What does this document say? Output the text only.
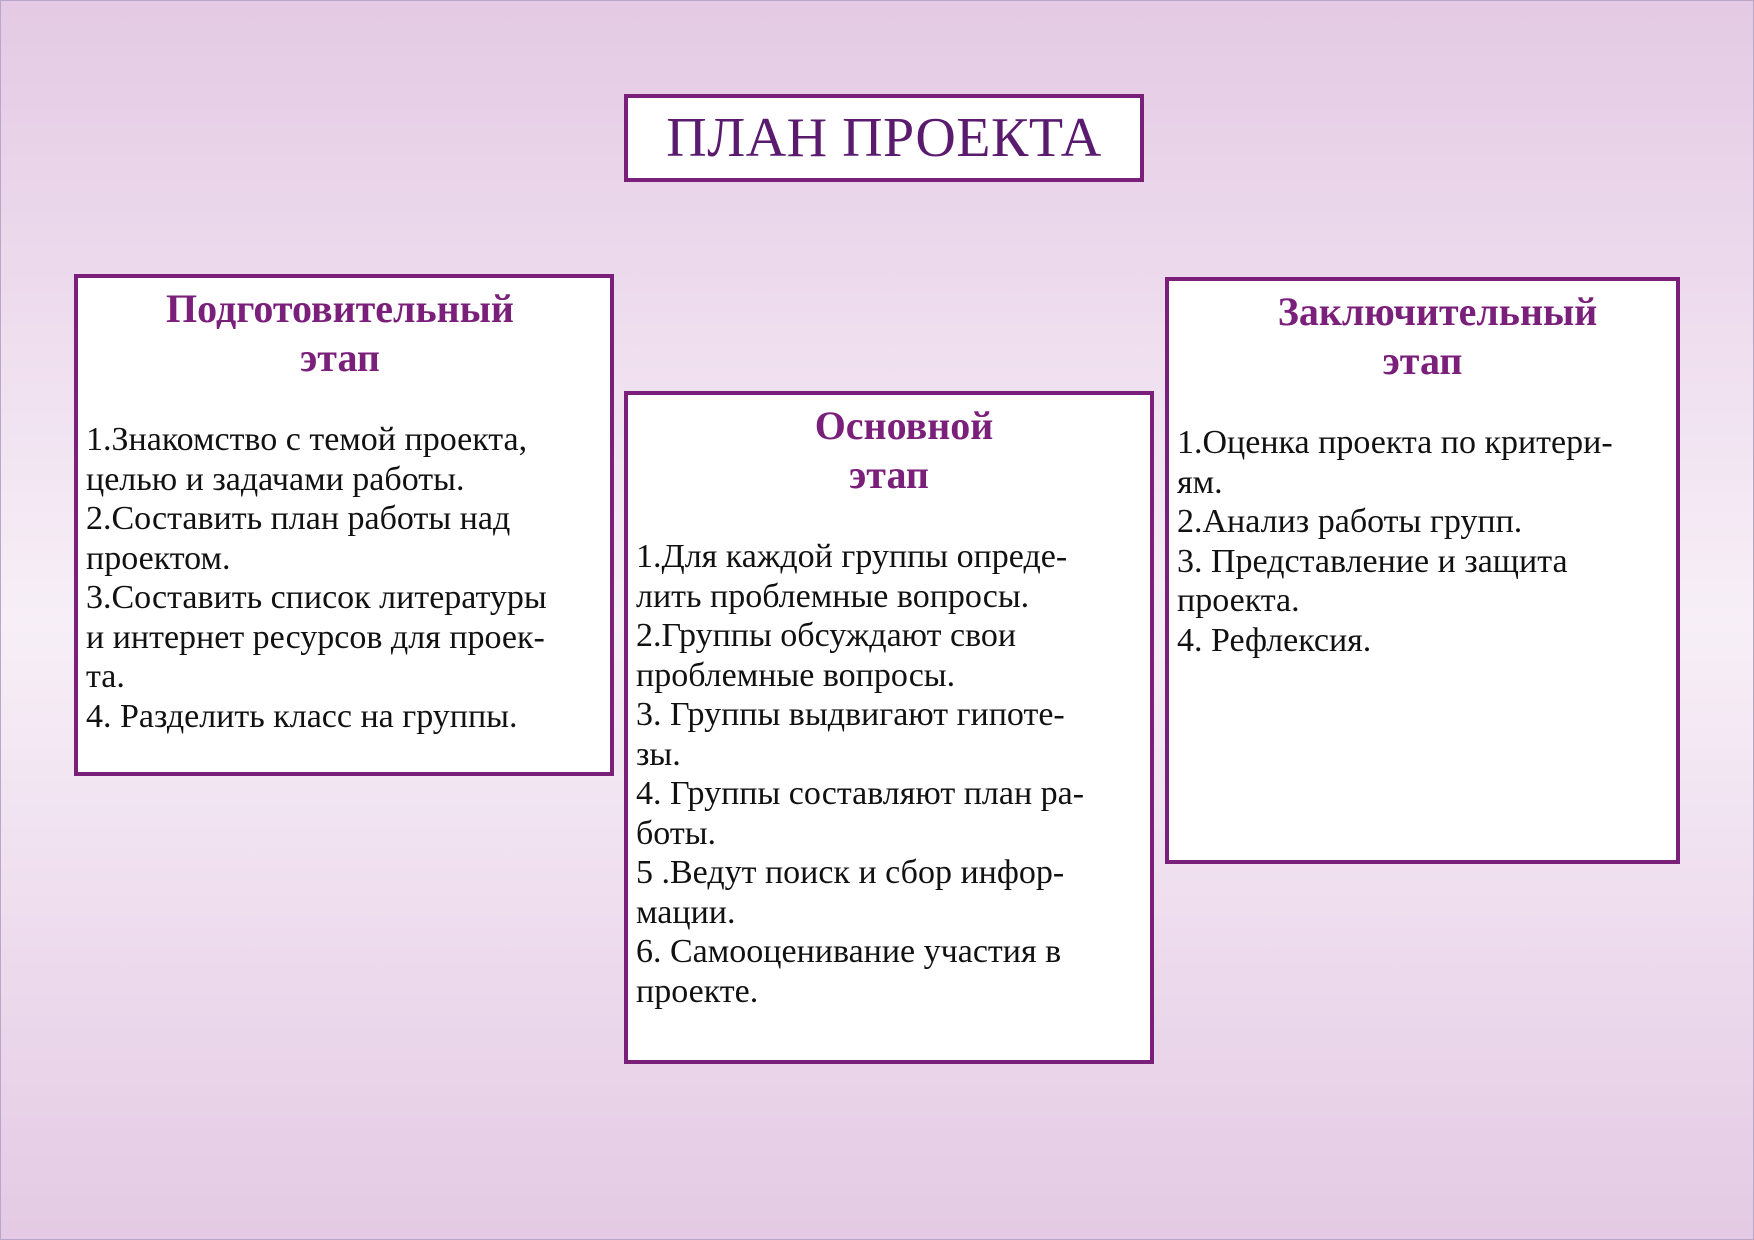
ПЛАН ПРОЕКТА
Подготовительный
этап
1.Знакомство с темой проекта,
целью и задачами работы.
2.Составить план работы над
проектом.
3.Составить список литературы
и интернет ресурсов для проек-
та.
4. Разделить класс на группы.
Основной
этап
1.Для каждой группы опреде-
лить проблемные вопросы.
2.Группы обсуждают свои
проблемные вопросы.
3. Группы выдвигают гипоте-
зы.
4. Группы составляют план ра-
боты.
5 .Ведут поиск и сбор инфор-
мации.
6. Самооценивание участия в
проекте.
Заключительный
этап
1.Оценка проекта по критери-
ям.
2.Анализ работы групп.
3. Представление и защита
проекта.
4. Рефлексия.
